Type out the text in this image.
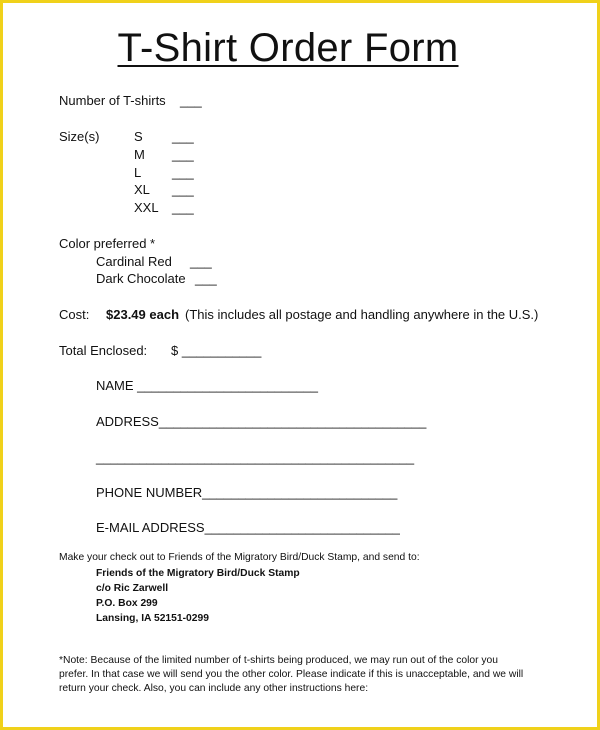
T-Shirt Order Form
Number of T-shirts ___
Size(s)	S ___
M ___
L ___
XL ___
XXL ___
Color preferred *
Cardinal Red ___
Dark Chocolate ___
Cost: $23.49 each (This includes all postage and handling anywhere in the U.S.)
Total Enclosed: $ ___________
NAME _________________________
ADDRESS_____________________________________
____________________________________________
PHONE NUMBER___________________________
E-MAIL ADDRESS___________________________
Make your check out to Friends of the Migratory Bird/Duck Stamp, and send to:
Friends of the Migratory Bird/Duck Stamp
c/o Ric Zarwell
P.O. Box 299
Lansing, IA 52151-0299
*Note: Because of the limited number of t-shirts being produced, we may run out of the color you
prefer. In that case we will send you the other color. Please indicate if this is unacceptable, and we will
return your check. Also, you can include any other instructions here:
